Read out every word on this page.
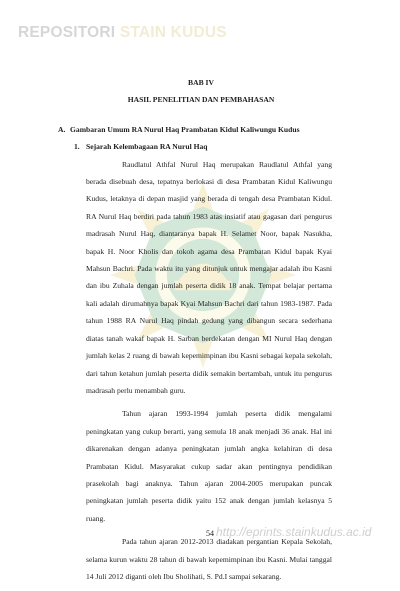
REPOSITORI STAIN KUDUS

BAB IV

HASIL PENELITIAN DAN PEMBAHASAN

A. Gambaran Umum RA Nurul Haq Prambatan Kidul Kaliwungu Kudus

1. Sejarah Kelembagaan RA Nurul Haq

Raudlatul Athfal Nurul Haq merupakan Raudlatul Athfal yang berada disebuah desa, tepatnya berlokasi di desa Prambatan Kidul Kaliwungu Kudus, letaknya di depan masjid yang berada di tengah desa Prambatan Kidul. RA Nurul Haq berdiri pada tahun 1983 atas insiatif atau gagasan dari pengurus madrasah Nurul Haq, diantaranya bapak H. Selamet Noor, bapak Nasukha, bapak H. Noor Kholis dan tokoh agama desa Prambatan Kidul bapak Kyai Mahsun Bachri. Pada waktu itu yang ditunjuk untuk mengajar adalah ibu Kasni dan ibu Zuhala dengan jumlah peserta didik 18 anak. Tempat belajar pertama kali adalah dirumahnya bapak Kyai Mahsun Bachri dari tahun 1983-1987. Pada tahun 1988 RA Nurul Haq pindah gedung yang dibangun secara sederhana diatas tanah wakaf bapak H. Sarban berdekatan dengan MI Nurul Haq dengan jumlah kelas 2 ruang di bawah kepemimpinan ibu Kasni sebagai kepala sekolah, dari tahun ketahun jumlah peserta didik semakin bertambah, untuk itu pengurus madrasah perlu menambah guru.

Tahun ajaran 1993-1994 jumlah peserta didik mengalami peningkatan yang cukup berarti, yang semula 18 anak menjadi 36 anak. Hal ini dikarenakan dengan adanya peningkatan jumlah angka kelahiran di desa Prambatan Kidul. Masyarakat cukup sadar akan pentingnya pendidikan prasekolah bagi anaknya. Tahun ajaran 2004-2005 merupakan puncak peningkatan jumlah peserta didik yaitu 152 anak dengan jumlah kelasnya 5 ruang.

Pada tahun ajaran 2012-2013 diadakan pergantian Kepala Sekolah, selama kurun waktu 28 tahun di bawah kepemimpinan ibu Kasni. Mulai tanggal 14 Juli 2012 diganti oleh Ibu Sholihati, S. Pd.I sampai sekarang.

54 http://eprints.stainkudus.ac.id
